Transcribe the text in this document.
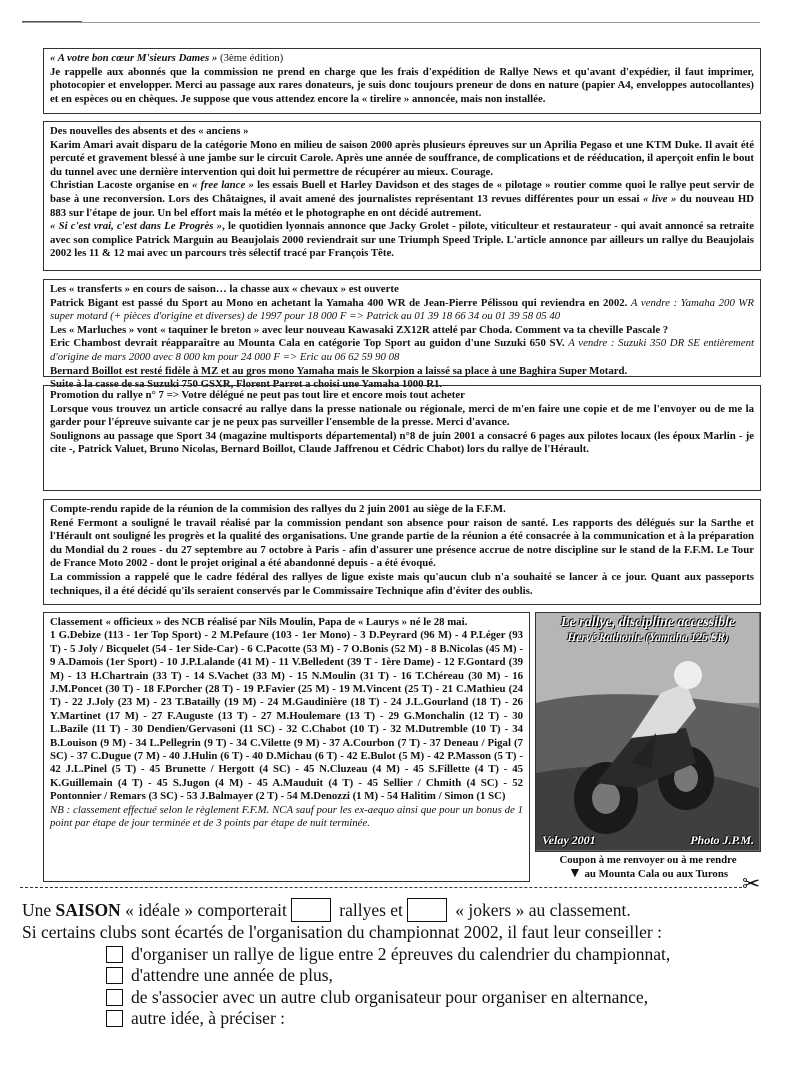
« A votre bon cœur M'sieurs Dames » (3ème édition)

Je rappelle aux abonnés que la commission ne prend en charge que les frais d'expédition de Rallye News et qu'avant d'expédier, il faut imprimer, photocopier et envelopper. Merci au passage aux rares donateurs, je suis donc toujours preneur de dons en nature (papier A4, enveloppes autocollantes) et en espèces ou en chèques. Je suppose que vous attendez encore la « tirelire » annoncée, mais non installée.

Des nouvelles des absents et des « anciens »

Karim Amari avait disparu de la catégorie Mono en milieu de saison 2000 après plusieurs épreuves sur un Aprilia Pegaso et une KTM Duke. Il avait été percuté et gravement blessé à une jambe sur le circuit Carole. Après une année de souffrance, de complications et de rééducation, il aperçoit enfin le bout du tunnel avec une dernière intervention qui doit lui permettre de récupérer au mieux. Courage.

Christian Lacoste organise en « free lance » les essais Buell et Harley Davidson et des stages de « pilotage » routier comme quoi le rallye peut servir de base à une reconversion. Lors des Châtaignes, il avait amené des journalistes représentant 13 revues différentes pour un essai « live » du nouveau HD 883 sur l'étape de jour. Un bel effort mais la météo et le photographe en ont décidé autrement.

« Si c'est vrai, c'est dans Le Progrès », le quotidien lyonnais annonce que Jacky Grolet - pilote, viticulteur et restaurateur - qui avait annoncé sa retraite avec son complice Patrick Marguin au Beaujolais 2000 reviendrait sur une Triumph Speed Triple. L'article annonce par ailleurs un rallye du Beaujolais 2002 les 11 & 12 mai avec un parcours très sélectif tracé par François Tête.

Les « transferts » en cours de saison… la chasse aux « chevaux » est ouverte

Patrick Bigant est passé du Sport au Mono en achetant la Yamaha 400 WR de Jean-Pierre Pélissou qui reviendra en 2002. A vendre : Yamaha 200 WR super motard (+ pièces d'origine et diverses) de 1997 pour 18 000 F => Patrick au 01 39 18 66 34 ou 01 39 58 05 40

Les « Marluches » vont « taquiner le breton » avec leur nouveau Kawasaki ZX12R attelé par Choda. Comment va ta cheville Pascale ?

Eric Chambost devrait réapparaître au Mounta Cala en catégorie Top Sport au guidon d'une Suzuki 650 SV. A vendre : Suzuki 350 DR SE entièrement d'origine de mars 2000 avec 8 000 km pour 24 000 F => Eric au 06 62 59 90 08

Bernard Boillot est resté fidèle à MZ et au gros mono Yamaha mais le Skorpion a laissé sa place à une Baghira Super Motard.

Suite à la casse de sa Suzuki 750 GSXR, Florent Parret a choisi une Yamaha 1000 R1.

Promotion du rallye n° 7 => Votre délégué ne peut pas tout lire et encore mois tout acheter

Lorsque vous trouvez un article consacré au rallye dans la presse nationale ou régionale, merci de m'en faire une copie et de me l'envoyer ou de me la garder pour l'épreuve suivante car je ne peux pas surveiller l'ensemble de la presse. Merci d'avance.

Soulignons au passage que Sport 34 (magazine multisports départemental) n°8 de juin 2001 a consacré 6 pages aux pilotes locaux (les époux Marlin - je cite -, Patrick Valuet, Bruno Nicolas, Bernard Boillot, Claude Jaffrenou et Cédric Chabot) lors du rallye de l'Hérault.

Compte-rendu rapide de la réunion de la commision des rallyes du 2 juin 2001 au siège de la F.F.M.

René Fermont a souligné le travail réalisé par la commission pendant son absence pour raison de santé. Les rapports des délégués sur la Sarthe et l'Hérault ont souligné les progrès et la qualité des organisations. Une grande partie de la réunion a été consacrée à la communication et à la préparation du Mondial du 2 roues - du 27 septembre au 7 octobre à Paris - afin d'assurer une présence accrue de notre discipline sur le stand de la F.F.M. Le Tour de France Moto 2002 - dont le projet original a été abandonné depuis - a été évoqué.

La commission a rappelé que le cadre fédéral des rallyes de ligue existe mais qu'aucun club n'a souhaité se lancer à ce jour. Quant aux passeports techniques, il a été décidé qu'ils seraient conservés par le Commissaire Technique afin d'éviter des oublis.

Classement « officieux » des NCB réalisé par Nils Moulin, Papa de « Laurys » né le 28 mai.

1 G.Debize (113 - 1er Top Sport) - 2 M.Pefaure (103 - 1er Mono) - 3 D.Peyrard (96 M) - 4 P.Léger (93 T) - 5 Joly / Bicquelet (54 - 1er Side-Car) - 6 C.Pacotte (53 M) - 7 O.Bonis (52 M) - 8 B.Nicolas (45 M) - 9 A.Damois (1er Sport) - 10 J.P.Lalande (41 M) - 11 V.Belledent (39 T - 1ère Dame) - 12 F.Gontard (39 M) - 13 H.Chartrain (33 T) - 14 S.Vachet (33 M) - 15 N.Moulin (31 T) - 16 T.Chéreau (30 M) - 16 J.M.Poncet (30 T) - 18 F.Porcher (28 T) - 19 P.Favier (25 M) - 19 M.Vincent (25 T) - 21 C.Mathieu (24 T) - 22 J.Joly (23 M) - 23 T.Batailly (19 M) - 24 M.Gaudinière (18 T) - 24 J.L.Gourland (18 T) - 26 Y.Martinet (17 M) - 27 F.Auguste (13 T) - 27 M.Houlemare (13 T) - 29 G.Monchalin (12 T) - 30 L.Bazile (11 T) - 30 Dendien/Gervasoni (11 SC) - 32 C.Chabot (10 T) - 32 M.Dutremble (10 T) - 34 B.Louison (9 M) - 34 L.Pellegrin (9 T) - 34 C.Vilette (9 M) - 37 A.Courbon (7 T) - 37 Deneau / Pigal (7 SC) - 37 C.Dugue (7 M) - 40 J.Hulin (6 T) - 40 D.Michau (6 T) - 42 E.Bulot (5 M) - 42 P.Masson (5 T) - 42 J.L.Pinel (5 T) - 45 Brunette / Hergott (4 SC) - 45 N.Cluzeau (4 M) - 45 S.Fillette (4 T) - 45 K.Guillemain (4 T) - 45 S.Jugon (4 M) - 45 A.Mauduit (4 T) - 45 Sellier / Chmith (4 SC) - 52 Pontonnier / Remars (3 SC) - 53 J.Balmayer (2 T) - 54 M.Denozzi (1 M) - 54 Halitim / Simon (1 SC)

NB : classement effectué selon le règlement F.F.M. NCA sauf pour les ex-aequo ainsi que pour un bonus de 1 point par étape de jour terminée et de 3 points par étape de nuit terminée.

Le rallye, discipline accessible
Hervé Rathonie (Yamaha 125 SR)
Velay 2001	Photo J.P.M.
Coupon à me renvoyer ou à me rendre
▼ au Mounta Cala ou aux Turons ✂
Une SAISON « idéale » comporterait	rallyes et	« jokers » au classement.
Si certains clubs sont écartés de l'organisation du championnat 2002, il faut leur conseiller :
d'organiser un rallye de ligue entre 2 épreuves du calendrier du championnat,
d'attendre une année de plus,
de s'associer avec un autre club organisateur pour organiser en alternance,
autre idée, à préciser :
